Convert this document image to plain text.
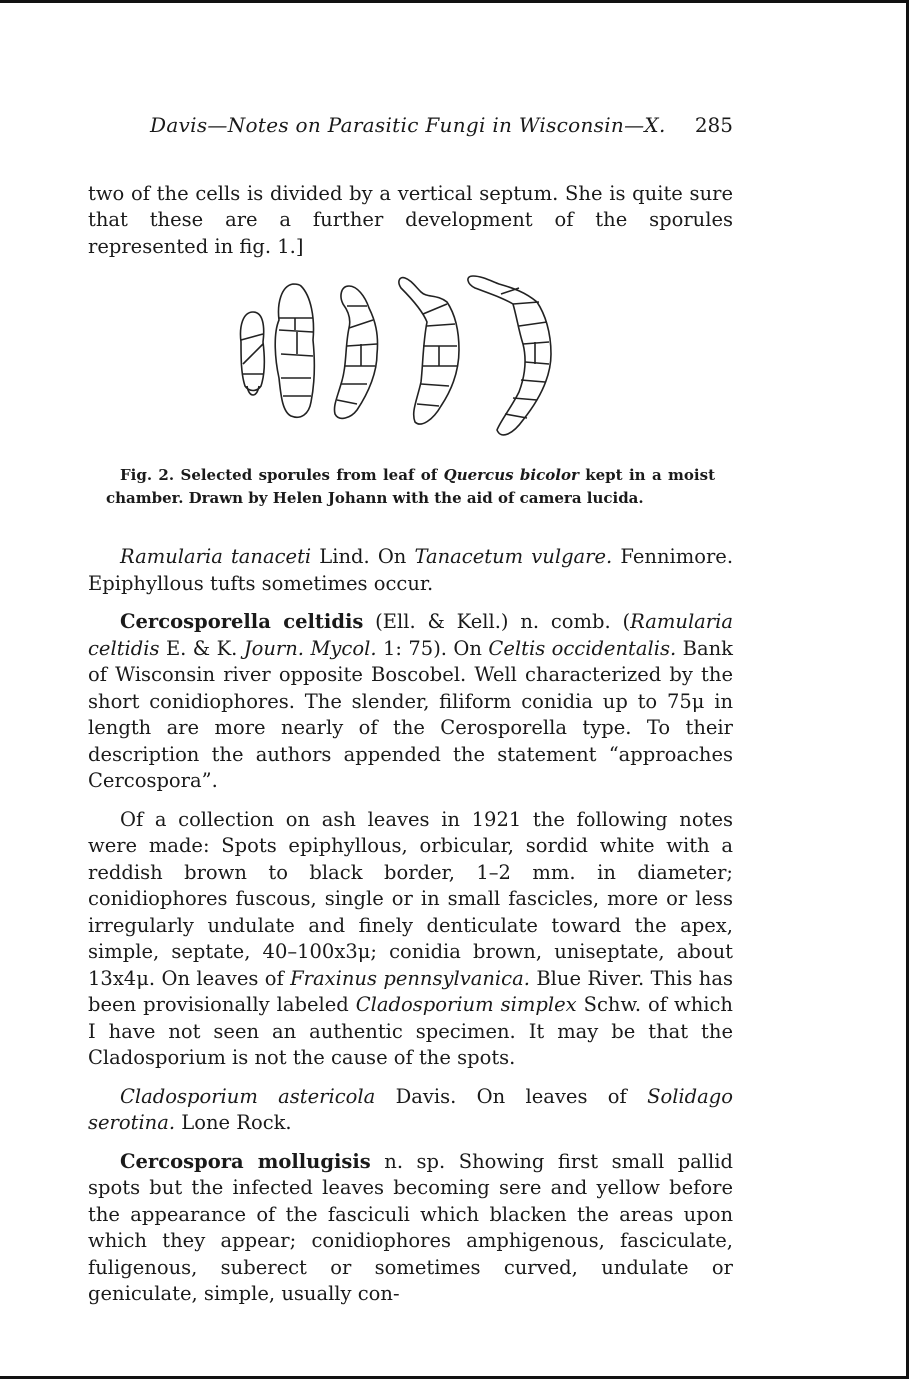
Davis—Notes on Parasitic Fungi in Wisconsin—X. 285

two of the cells is divided by a vertical septum. She is quite sure that these are a further development of the sporules represented in fig. 1.]

Fig. 2. Selected sporules from leaf of Quercus bicolor kept in a moist chamber. Drawn by Helen Johann with the aid of camera lucida.

Ramularia tanaceti Lind. On Tanacetum vulgare. Fennimore. Epiphyllous tufts sometimes occur.

Cercosporella celtidis (Ell. & Kell.) n. comb. (Ramularia celtidis E. & K. Journ. Mycol. 1: 75). On Celtis occidentalis. Bank of Wisconsin river opposite Boscobel. Well characterized by the short conidiophores. The slender, filiform conidia up to 75μ in length are more nearly of the Cerosporella type. To their description the authors appended the statement “approaches Cercospora”.

Of a collection on ash leaves in 1921 the following notes were made: Spots epiphyllous, orbicular, sordid white with a reddish brown to black border, 1–2 mm. in diameter; conidiophores fuscous, single or in small fascicles, more or less irregularly undulate and finely denticulate toward the apex, simple, septate, 40–100x3μ; conidia brown, uniseptate, about 13x4μ. On leaves of Fraxinus pennsylvanica. Blue River. This has been provisionally labeled Cladosporium simplex Schw. of which I have not seen an authentic specimen. It may be that the Cladosporium is not the cause of the spots.

Cladosporium astericola Davis. On leaves of Solidago serotina. Lone Rock.

Cercospora mollugisis n. sp. Showing first small pallid spots but the infected leaves becoming sere and yellow before the appearance of the fasciculi which blacken the areas upon which they appear; conidiophores amphigenous, fasciculate, fuligenous, suberect or sometimes curved, undulate or geniculate, simple, usually con-
